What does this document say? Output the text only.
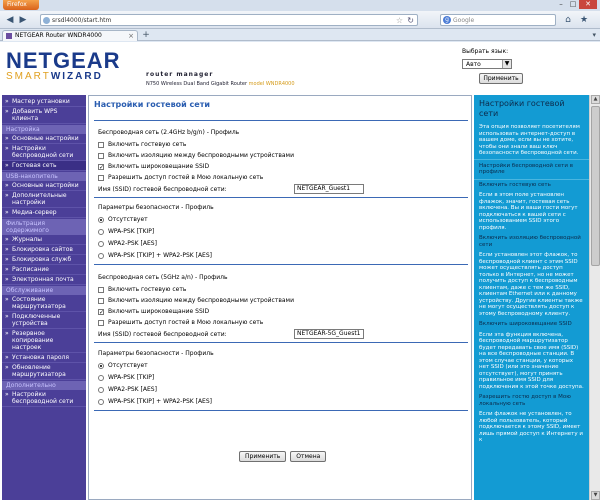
Firefox	– □	✕
◀ ▶	srsdl4000/start.htm	☆ ↻	g Google	⌂	★
NETGEAR Router WNDR4000	× +	▾
NETGEAR
SMARTWIZARD	router manager
N750 Wireless Dual Band Gigabit Router model WNDR4000
Выбрать язык:
Авто	▼
Применить
» Мастер установки
» Добавить WPS клиента
Настройка
» Основные настройки
» Настройки беспроводной сети
» Гостевая сеть
USB-накопитель
» Основные настройки
» Дополнительные настройки
» Медиа-сервер
Фильтрация содержимого
» Журналы
» Блокировка сайтов
» Блокировка служб
» Расписание
» Электронная почта
Обслуживание
» Состояние маршрутизатора
» Подключенные устройства
» Резервное копирование настроек
» Установка пароля
» Обновление маршрутизатора
Дополнительно
» Настройки беспроводной сети
Настройки гостевой сети
Беспроводная сеть (2.4GHz b/g/n) - Профиль
Включить гостевую сеть
Включить изоляцию между беспроводными устройствами
✓ Включить широковещание SSID
Разрешить доступ гостей в Мою локальную сеть
Имя (SSID) гостевой беспроводной сети:	NETGEAR_Guest1
Параметры безопасности - Профиль
Отсутствует
WPA-PSK [TKIP]
WPA2-PSK [AES]
WPA-PSK [TKIP] + WPA2-PSK [AES]
Беспроводная сеть (5GHz a/n) - Профиль
Включить гостевую сеть
Включить изоляцию между беспроводными устройствами
✓ Включить широковещание SSID
Разрешить доступ гостей в Мою локальную сеть
Имя (SSID) гостевой беспроводной сети:	NETGEAR-5G_Guest1
Параметры безопасности - Профиль
Отсутствует
WPA-PSK [TKIP]
WPA2-PSK [AES]
WPA-PSK [TKIP] + WPA2-PSK [AES]
Применить	Отмена
Настройки гостевой сети
Эта опция позволяет посетителям использовать интернет-доступ в вашем доме, если вы не хотите, чтобы они знали ваш ключ безопасности беспроводной сети.
Настройки беспроводной сети в профиле
Включить гостевую сеть
Если в этом поле установлен флажок, значит, гостевая сеть включена. Вы и ваши гости могут подключаться к вашей сети с использованием SSID этого профиля.
Включить изоляцию беспроводной сети
Если установлен этот флажок, то беспроводной клиент с этим SSID может осуществлять доступ только в Интернет, но не может получить доступ к беспроводным клиентам, даже с тем же SSID, клиентам Ethernet или к данному устройству. Другие клиенты также не могут осуществлять доступ к этому беспроводному клиенту.
Включить широковещание SSID
Если эта функция включена, беспроводной маршрутизатор будет передавать свое имя (SSID) на все беспроводные станции. В этом случае станции, у которых нет SSID (или это значение отсутствует), могут принять правильное имя SSID для подключения к этой точке доступа.
Разрешить гостю доступ в Мою локальную сеть
Если флажок не установлен, то любой пользователь, который подключается к этому SSID, имеет лишь прямой доступ к Интернету и к
▲
▼
